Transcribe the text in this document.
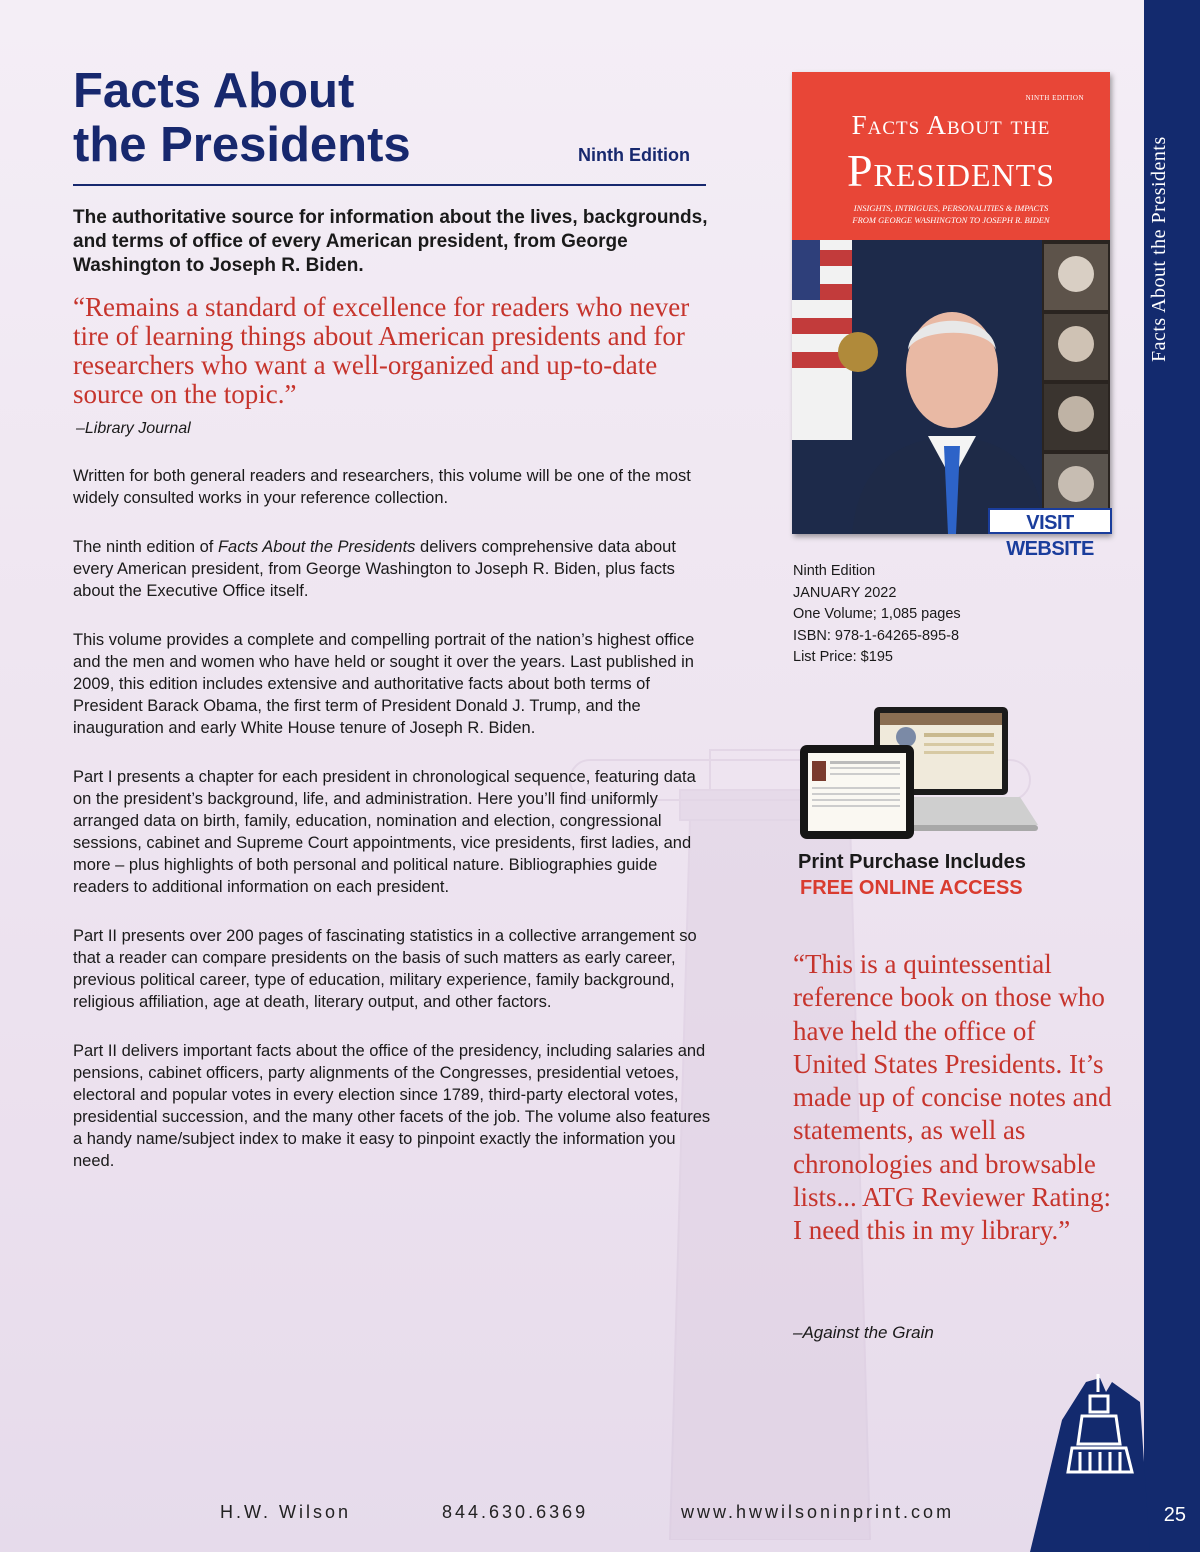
Facts About the Presidents
25
Facts About
the Presidents	Ninth Edition

The authoritative source for information about the lives, backgrounds, and terms of office of every American president, from George Washington to Joseph R. Biden.

“Remains a standard of excellence for readers who never tire of learning things about American presidents and for researchers who want a well-organized and up-to-date source on the topic.”

–Library Journal

Written for both general readers and researchers, this volume will be one of the most widely consulted works in your reference collection.

The ninth edition of Facts About the Presidents delivers comprehensive data about every American president, from George Washington to Joseph R. Biden, plus facts about the Executive Office itself.

This volume provides a complete and compelling portrait of the nation’s highest office and the men and women who have held or sought it over the years. Last published in 2009, this edition includes extensive and authoritative facts about both terms of President Barack Obama, the first term of President Donald J. Trump, and the inauguration and early White House tenure of Joseph R. Biden.

Part I presents a chapter for each president in chronological sequence, featuring data on the president’s background, life, and administration. Here you’ll find uniformly arranged data on birth, family, education, nomination and election, congressional sessions, cabinet and Supreme Court appointments, vice presidents, first ladies, and more – plus highlights of both personal and political nature. Bibliographies guide readers to additional information on each president.

Part II presents over 200 pages of fascinating statistics in a collective arrangement so that a reader can compare presidents on the basis of such matters as early career, previous political career, type of education, military experience, family background, religious affiliation, age at death, literary output, and other factors.

Part II delivers important facts about the office of the presidency, including salaries and pensions, cabinet officers, party alignments of the Congresses, presidential vetoes, electoral and popular votes in every election since 1789, third-party electoral votes, presidential succession, and the many other facets of the job. The volume also features a handy name/subject index to make it easy to pinpoint exactly the information you need.

NINTH EDITION
Facts About the
Presidents
INSIGHTS, INTRIGUES, PERSONALITIES & IMPACTS
FROM GEORGE WASHINGTON TO JOSEPH R. BIDEN
VISIT WEBSITE
Ninth Edition
JANUARY 2022
One Volume; 1,085 pages
ISBN: 978-1-64265-895-8
List Price: $195
Print Purchase Includes
FREE ONLINE ACCESS

“This is a quintessential reference book on those who have held the office of United States Presidents. It’s made up of concise notes and statements, as well as chronologies and browsable lists... ATG Reviewer Rating: I need this in my library.”

–Against the Grain
H.W. Wilson	844.630.6369	www.hwwilsoninprint.com
